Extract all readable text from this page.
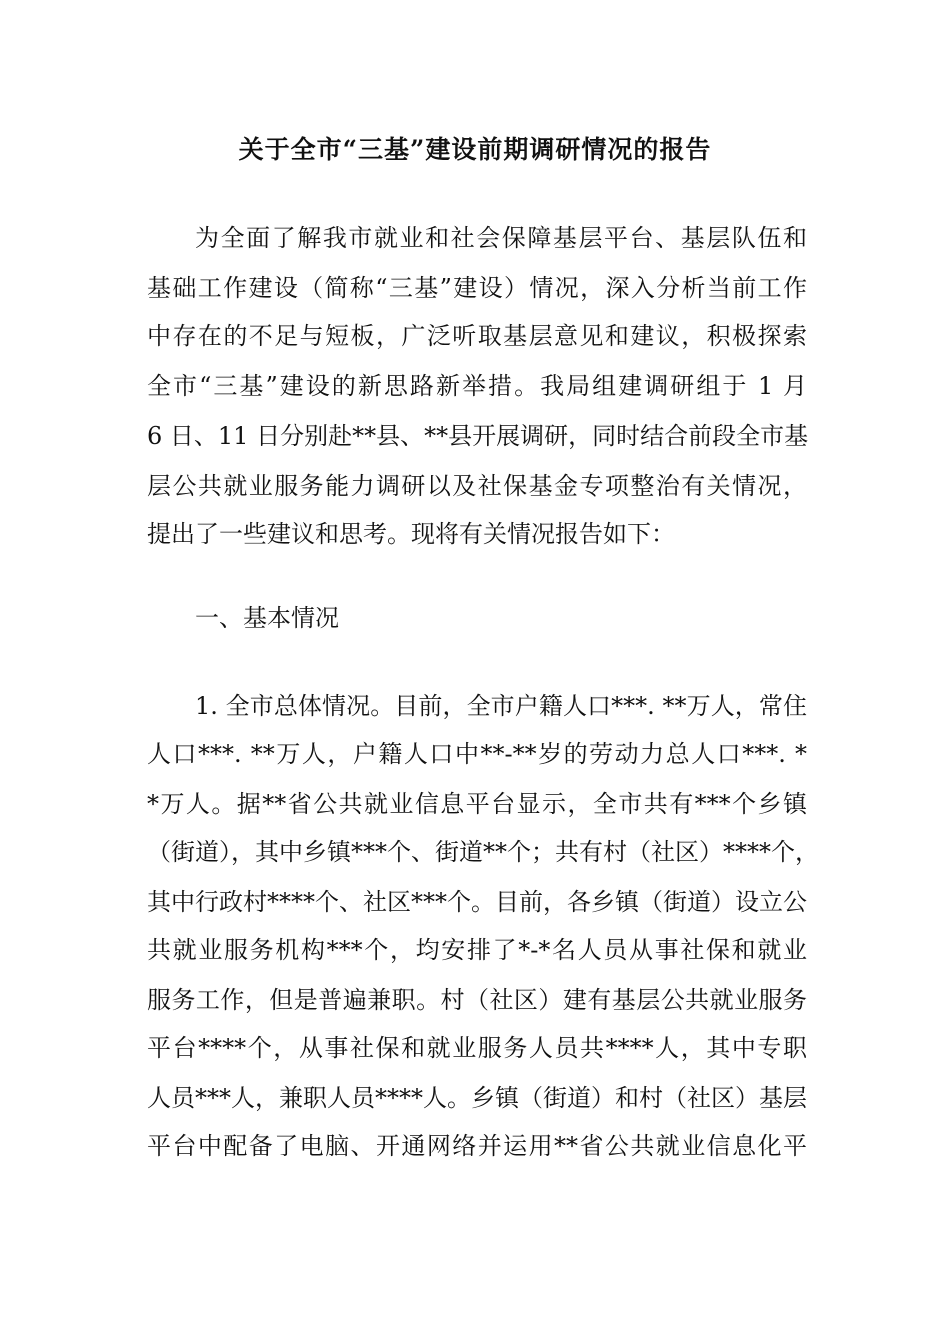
关于全市“三基”建设前期调研情况的报告
为全面了解我市就业和社会保障基层平台、基层队伍和
基础工作建设（简称“三基”建设）情况，深入分析当前工作
中存在的不足与短板，广泛听取基层意见和建议，积极探索
全市“三基”建设的新思路新举措。我局组建调研组于 1 月
6 日、11 日分别赴**县、**县开展调研，同时结合前段全市基
层公共就业服务能力调研以及社保基金专项整治有关情况，
提出了一些建议和思考。现将有关情况报告如下：
一、基本情况
1. 全市总体情况。目前，全市户籍人口***. **万人，常住
人口***. **万人，户籍人口中**-**岁的劳动力总人口***. *
*万人。据**省公共就业信息平台显示，全市共有***个乡镇
（街道），其中乡镇***个、街道**个；共有村（社区）****个，
其中行政村****个、社区***个。目前，各乡镇（街道）设立公
共就业服务机构***个，均安排了*-*名人员从事社保和就业
服务工作，但是普遍兼职。村（社区）建有基层公共就业服务
平台****个，从事社保和就业服务人员共****人，其中专职
人员***人，兼职人员****人。乡镇（街道）和村（社区）基层
平台中配备了电脑、开通网络并运用**省公共就业信息化平
